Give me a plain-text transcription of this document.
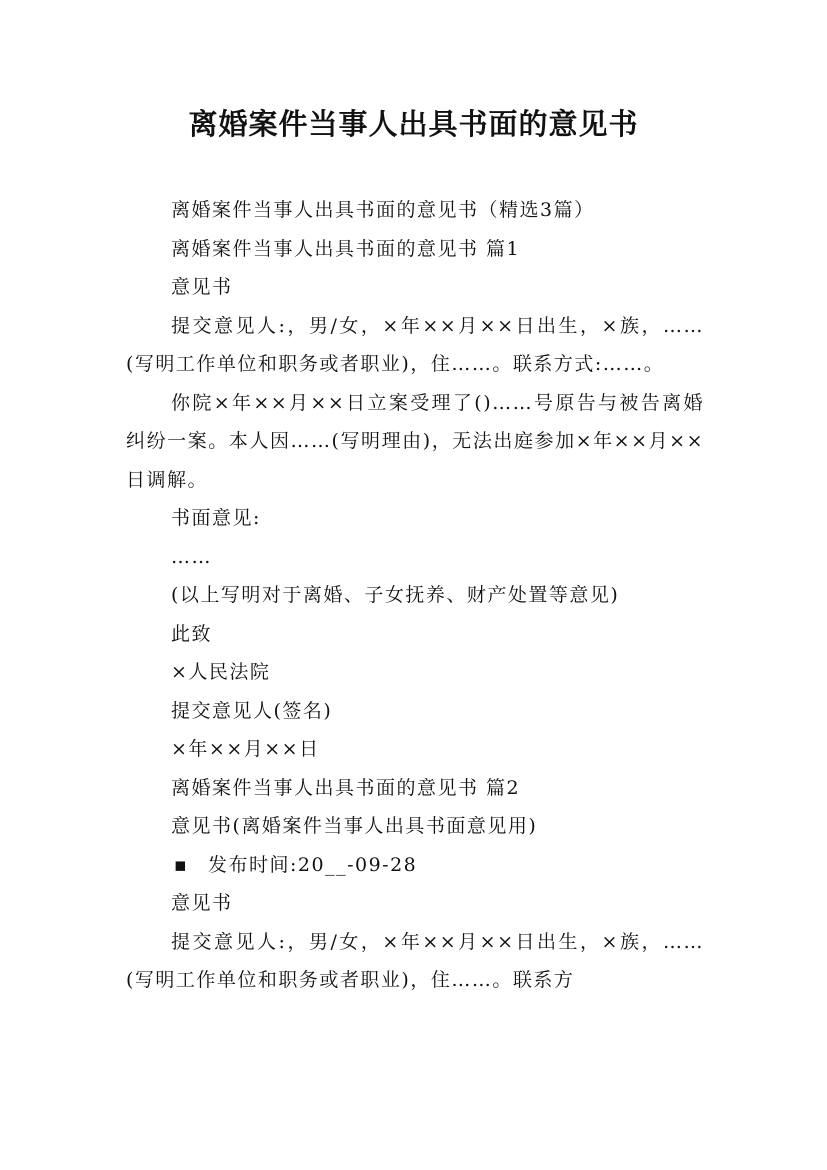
离婚案件当事人出具书面的意见书

离婚案件当事人出具书面的意见书（精选3篇）

离婚案件当事人出具书面的意见书 篇1

意见书

提交意见人:，男/女，×年××月××日出生，×族，……(写明工作单位和职务或者职业)，住……。联系方式:……。

你院×年××月××日立案受理了()……号原告与被告离婚纠纷一案。本人因……(写明理由)，无法出庭参加×年××月××日调解。

书面意见:

……

(以上写明对于离婚、子女抚养、财产处置等意见)

此致

×人民法院

提交意见人(签名)

×年××月××日

离婚案件当事人出具书面的意见书 篇2

意见书(离婚案件当事人出具书面意见用)

▪ 发布时间:20__-09-28

意见书

提交意见人:，男/女，×年××月××日出生，×族，……(写明工作单位和职务或者职业)，住……。联系方
